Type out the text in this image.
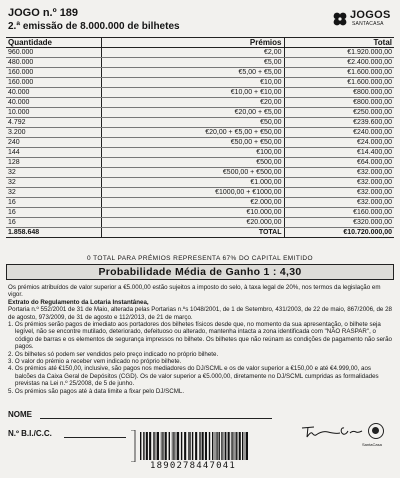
JOGO n.º 189
2.ª emissão de 8.000.000 de bilhetes
JOGOS
SANTACASA
Quantidade	Prémios	Total
960.000	€2,00	€1.920.000,00
480.000	€5,00	€2.400.000,00
160.000	€5,00 + €5,00	€1.600.000,00
160.000	€10,00	€1.600.000,00
40.000	€10,00 + €10,00	€800.000,00
40.000	€20,00	€800.000,00
10.000	€20,00 + €5,00	€250.000,00
4.792	€50,00	€239.600,00
3.200	€20,00 + €5,00 + €50,00	€240.000,00
240	€50,00 + €50,00	€24.000,00
144	€100,00	€14.400,00
128	€500,00	€64.000,00
32	€500,00 + €500,00	€32.000,00
32	€1.000,00	€32.000,00
32	€1000,00 + €1000,00	€32.000,00
16	€2.000,00	€32.000,00
16	€10.000,00	€160.000,00
16	€20.000,00	€320.000,00
1.858.648	TOTAL	€10.720.000,00
0 TOTAL PARA PRÉMIOS REPRESENTA 67% DO CAPITAL EMITIDO
Probabilidade Média de Ganho 1 : 4,30

Os prémios atribuídos de valor superior a €5.000,00 estão sujeitos a imposto do selo, à taxa legal de 20%, nos termos da legislação em vigor.

Extrato do Regulamento da Lotaria Instantânea,

Portaria n.º 552/2001 de 31 de Maio, alterada pelas Portarias n.ºs 1048/2001, de 1 de Setembro, 431/2003, de 22 de maio, 867/2006, de 28 de agosto, 973/2009, de 31 de agosto e 112/2013, de 21 de março.

1. Os prémios serão pagos de imediato aos portadores dos bilhetes físicos desde que, no momento da sua apresentação, o bilhete seja legível, não se encontre mutilado, deteriorado, defeituoso ou alterado, mantenha intacta a zona identificada com "NÃO RASPAR", o código de barras e os elementos de segurança impressos no bilhete. Os bilhetes que não reúnam as condições de pagamento não serão pagos.

2. Os bilhetes só podem ser vendidos pelo preço indicado no próprio bilhete.

3. O valor do prémio a receber vem indicado no próprio bilhete.

4. Os prémios até €150,00, inclusive, são pagos nos mediadores do DJ/SCML e os de valor superior a €150,00 e até €4.999,00, aos balcões da Caixa Geral de Depósitos (CGD). Os de valor superior a €5.000,00, diretamente no DJ/SCML cumpridas as formalidades previstas na Lei n.º 25/2008, de 5 de junho.

5. Os prémios são pagos até à data limite a fixar pelo DJ/SCML.

NOME
N.º B.I./C.C.
SantaCasa
1890278447041
